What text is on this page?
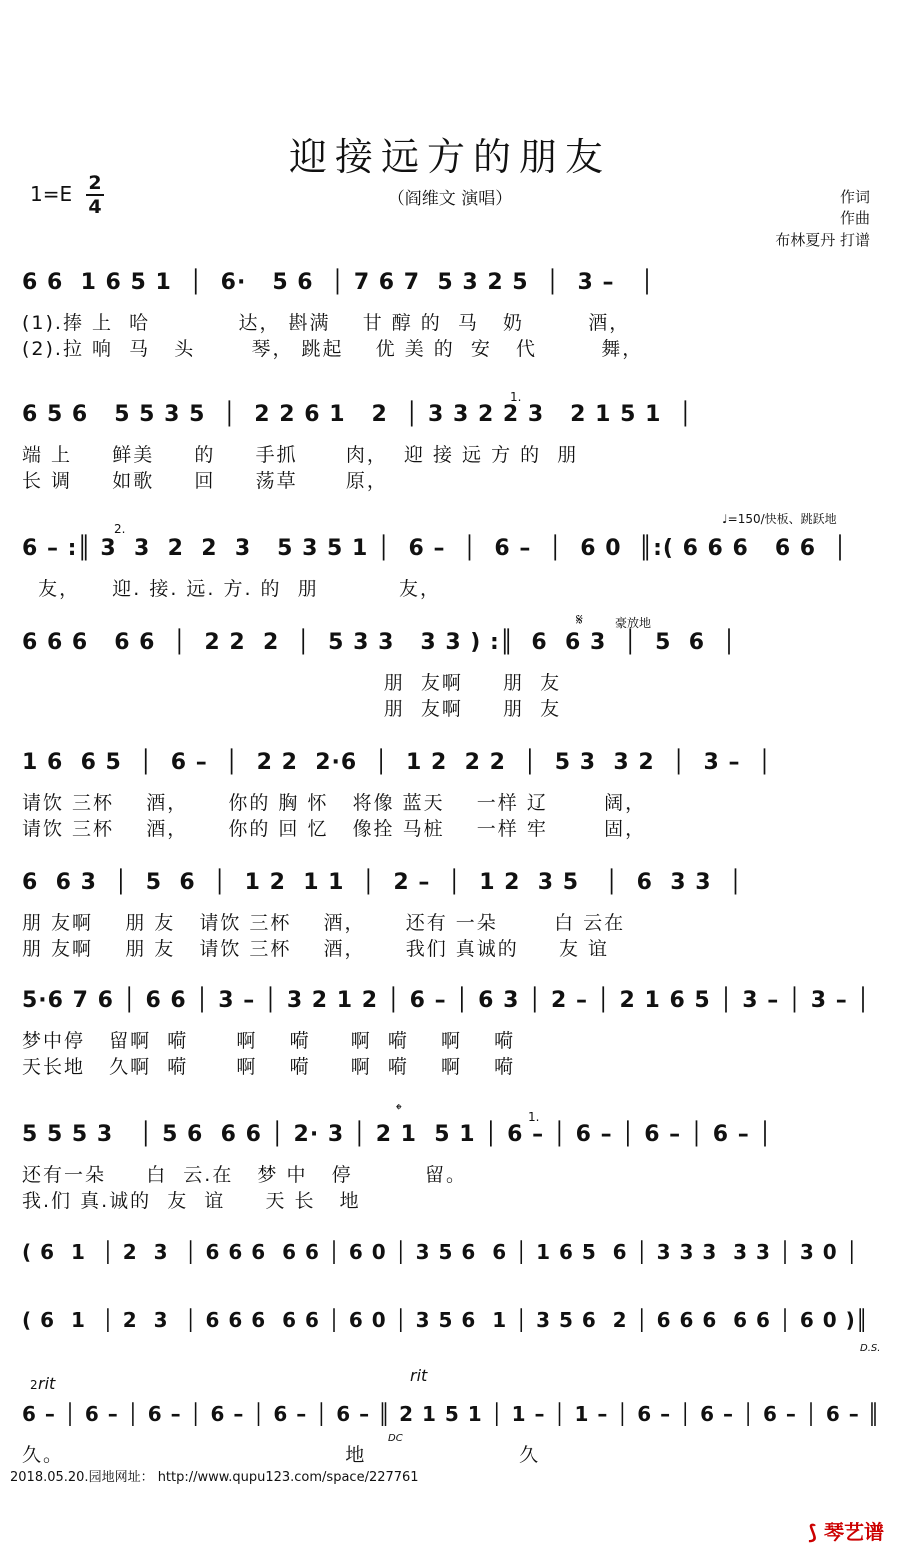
迎接远方的朋友
$1=E \frac{2}{4}$	（阎维文 演唱）	作词
作曲
布林夏丹 打谱
1.
2.
♩=150/快板、跳跃地
𝄋	豪放地
𝄌	1.
2 rit	rit
D.S.
DC
6 6  1 6 5 1  │  6·   5 6  │ 7 6 7  5 3 2 5  │  3 –   │
(1).捧 上  哈           达， 斟满    甘 醇 的  马   奶        酒，
(2).拉 响  马   头       琴， 跳起    优 美 的  安   代        舞，
6 5 6   5 5 3 5  │  2 2 6 1   2  │ 3 3 2 2 3   2 1 5 1  │
端 上     鲜美     的     手抓      肉，  迎 接 远 方 的  朋
长 调     如歌     回     荡草      原，
6 – :║ 3  3  2  2  3   5 3 5 1 │  6 –  │  6 –  │  6 0  ║:( 6 6 6   6 6  │
友，    迎. 接. 远. 方. 的  朋          友，
6 6 6   6 6  │  2 2  2  │  5 3 3   3 3 ) :║  6  6 3  │  5  6  │
朋  友啊     朋  友
朋  友啊     朋  友
1 6  6 5  │  6 –  │  2 2  2·6  │  1 2  2 2  │  5 3  3 2  │  3 –  │
请饮 三杯    酒，     你的 胸 怀   将像 蓝天    一样 辽       阔，
请饮 三杯    酒，     你的 回 忆   像拴 马桩    一样 牢       固，
6  6 3  │  5  6  │  1 2  1 1  │  2 –  │  1 2  3 5   │  6  3 3  │
朋 友啊    朋 友   请饮 三杯    酒，     还有 一朵       白 云在
朋 友啊    朋 友   请饮 三杯    酒，     我们 真诚的     友 谊
5·6 7 6 │ 6 6 │ 3 – │ 3 2 1 2 │ 6 – │ 6 3 │ 2 – │ 2 1 6 5 │ 3 – │ 3 – │
梦中停   留啊  嗬      啊    嗬     啊  嗬    啊    嗬
天长地   久啊  嗬      啊    嗬     啊  嗬    啊    嗬
5 5 5 3   │ 5 6  6 6 │ 2· 3 │ 2 1  5 1 │ 6 – │ 6 – │ 6 – │ 6 – │
还有一朵     白  云.在   梦 中   停         留。
我.们 真.诚的  友  谊     天 长   地
( 6  1  │ 2  3  │ 6 6 6  6 6 │ 6 0 │ 3 5 6  6 │ 1 6 5  6 │ 3 3 3  3 3 │ 3 0 │
( 6  1  │ 2  3  │ 6 6 6  6 6 │ 6 0 │ 3 5 6  1 │ 3 5 6  2 │ 6 6 6  6 6 │ 6 0 )║
6 – │ 6 – │ 6 – │ 6 – │ 6 – │ 6 – ║ 2 1 5 1 │ 1 – │ 1 – │ 6 – │ 6 – │ 6 – │ 6 – ║
久。                                   地                   久
2018.05.20.园地网址： http://www.qupu123.com/space/227761
⟆ 琴艺谱
